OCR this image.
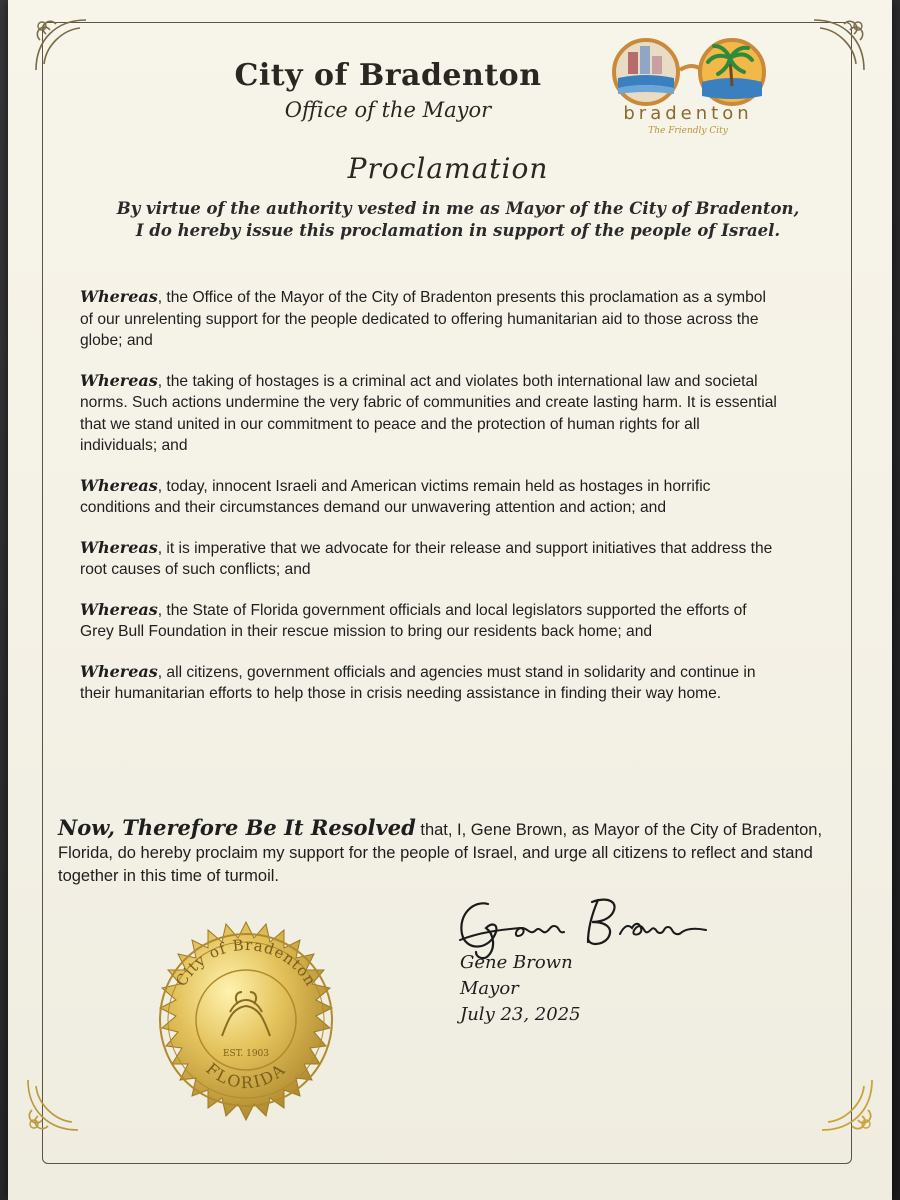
City of Bradenton
Office of the Mayor	bradenton
The Friendly City
Proclamation
By virtue of the authority vested in me as Mayor of the City of Bradenton,
I do hereby issue this proclamation in support of the people of Israel.
Whereas, the Office of the Mayor of the City of Bradenton presents this proclamation as a symbol of our unrelenting support for the people dedicated to offering humanitarian aid to those across the globe; and
Whereas, the taking of hostages is a criminal act and violates both international law and societal norms. Such actions undermine the very fabric of communities and create lasting harm. It is essential that we stand united in our commitment to peace and the protection of human rights for all individuals; and
Whereas, today, innocent Israeli and American victims remain held as hostages in horrific conditions and their circumstances demand our unwavering attention and action; and
Whereas, it is imperative that we advocate for their release and support initiatives that address the root causes of such conflicts; and
Whereas, the State of Florida government officials and local legislators supported the efforts of Grey Bull Foundation in their rescue mission to bring our residents back home; and
Whereas, all citizens, government officials and agencies must stand in solidarity and continue in their humanitarian efforts to help those in crisis needing assistance in finding their way home.
Now, Therefore Be It Resolved that, I, Gene Brown, as Mayor of the City of Bradenton, Florida, do hereby proclaim my support for the people of Israel, and urge all citizens to reflect and stand together in this time of turmoil.
Gene Brown
Mayor
July 23, 2025
City of Bradenton
FLORIDA
EST. 1903
